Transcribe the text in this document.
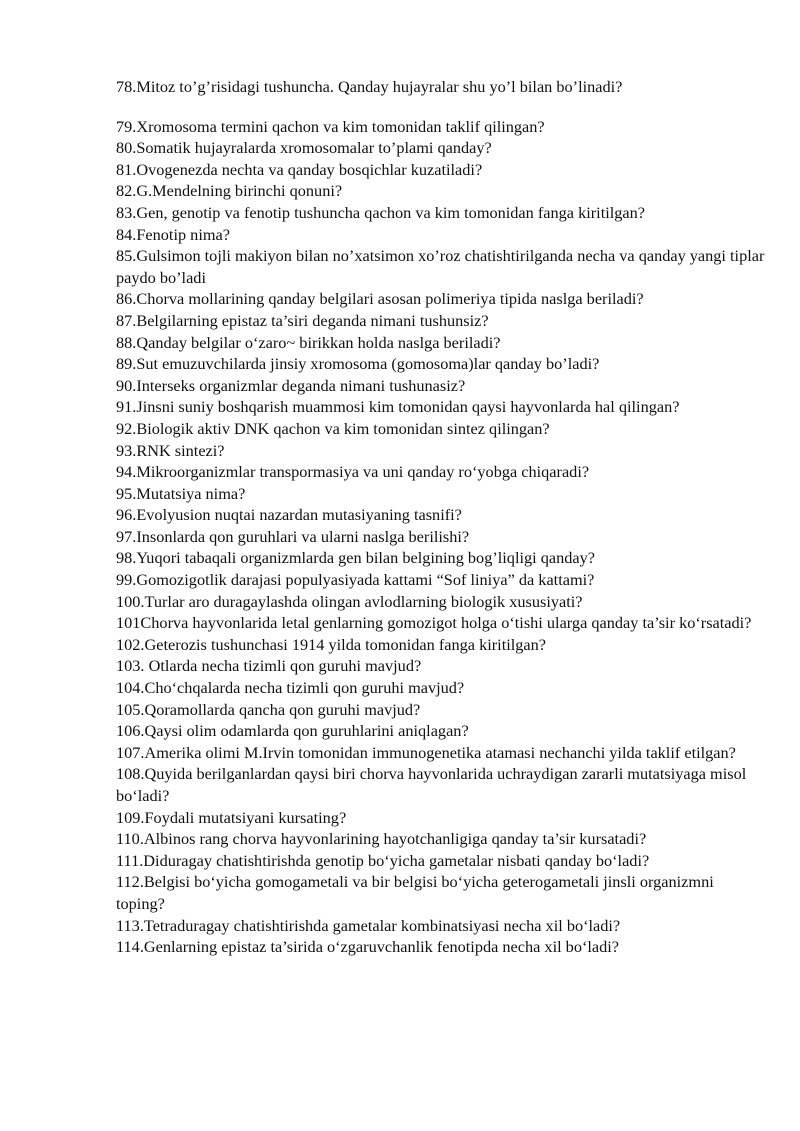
78.Mitoz to’g’risidagi tushuncha. Qanday hujayralar shu yo’l bilan bo’linadi?

79.Xromosoma termini qachon va kim tomonidan taklif qilingan?

80.Somatik hujayralarda xromosomalar to’plami qanday?

81.Ovogenezda nechta va qanday bosqichlar kuzatiladi?

82.G.Mendelning birinchi qonuni?

83.Gen, genotip va fenotip tushuncha qachon va kim tomonidan fanga kiritilgan?

84.Fenotip nima?

85.Gulsimon tojli makiyon bilan no’xatsimon xo’roz chatishtirilganda necha va qanday yangi tiplar paydo bo’ladi

86.Chorva mollarining qanday belgilari asosan polimeriya tipida naslga beriladi?

87.Belgilarning epistaz ta’siri deganda nimani tushunsiz?

88.Qanday belgilar o‘zaro~ birikkan holda naslga beriladi?

89.Sut emuzuvchilarda jinsiy xromosoma (gomosoma)lar qanday bo’ladi?

90.Interseks organizmlar deganda nimani tushunasiz?

91.Jinsni suniy boshqarish muammosi kim tomonidan qaysi hayvonlarda hal qilingan?

92.Biologik aktiv DNK qachon va kim tomonidan sintez qilingan?

93.RNK sintezi?

94.Mikroorganizmlar transpormasiya va uni qanday ro‘yobga chiqaradi?

95.Mutatsiya nima?

96.Evolyusion nuqtai nazardan mutasiyaning tasnifi?

97.Insonlarda qon guruhlari va ularni naslga berilishi?

98.Yuqori tabaqali organizmlarda gen bilan belgining bog’liqligi qanday?

99.Gomozigotlik darajasi populyasiyada kattami “Sof liniya” da kattami?

100.Turlar aro duragaylashda olingan avlodlarning biologik xususiyati?

101Chorva hayvonlarida letal genlarning gomozigot holga o‘tishi ularga qanday ta’sir ko‘rsatadi?

102.Geterozis tushunchasi 1914 yilda tomonidan fanga kiritilgan?

103. Otlarda necha tizimli qon guruhi mavjud?

104.Cho‘chqalarda necha tizimli qon guruhi mavjud?

105.Qoramollarda qancha qon guruhi mavjud?

106.Qaysi olim odamlarda qon guruhlarini aniqlagan?

107.Amerika olimi M.Irvin tomonidan immunogenetika atamasi nechanchi yilda taklif etilgan?

108.Quyida berilganlardan qaysi biri chorva hayvonlarida uchraydigan zararli mutatsiyaga misol bo‘ladi?

109.Foydali mutatsiyani kursating?

110.Albinos rang chorva hayvonlarining hayotchanligiga qanday ta’sir kursatadi?

111.Diduragay chatishtirishda genotip bo‘yicha gametalar nisbati qanday bo‘ladi?

112.Belgisi bo‘yicha gomogametali va bir belgisi bo‘yicha geterogametali jinsli organizmni toping?

113.Tetraduragay chatishtirishda gametalar kombinatsiyasi necha xil bo‘ladi?

114.Genlarning epistaz ta’sirida o‘zgaruvchanlik fenotipda necha xil bo‘ladi?
